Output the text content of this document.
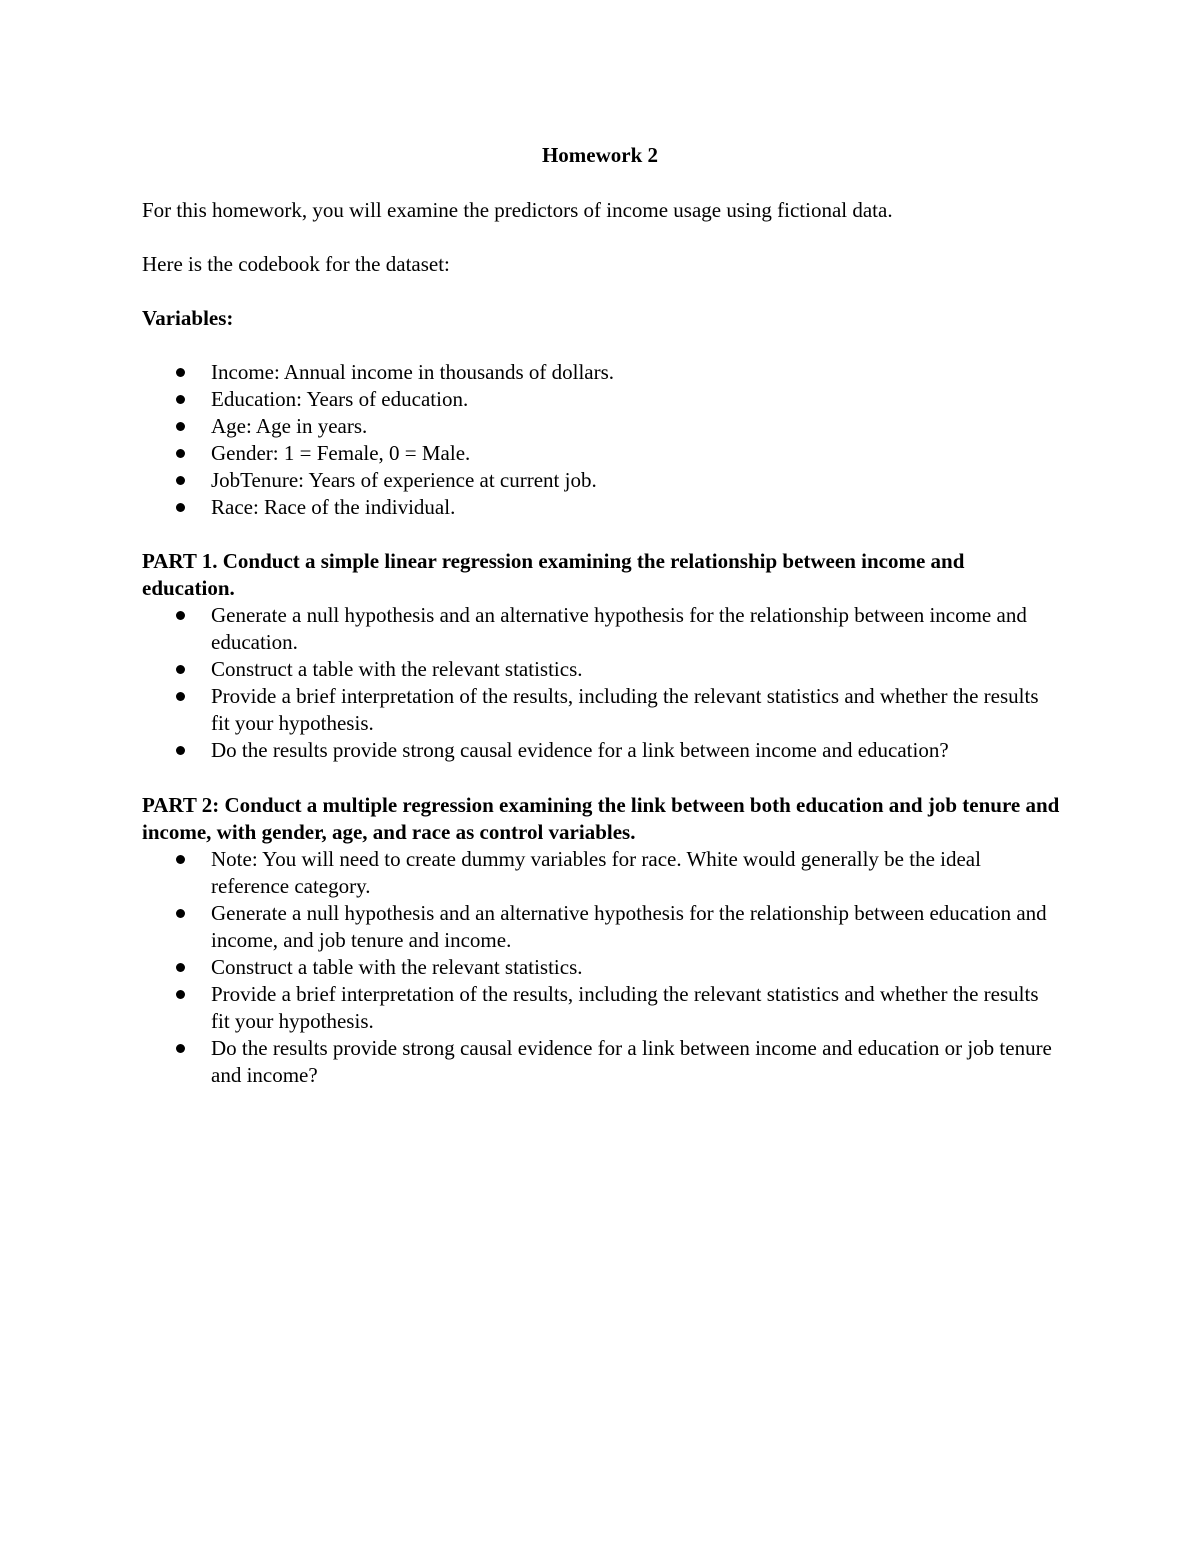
Homework 2

For this homework, you will examine the predictors of income usage using fictional data.

Here is the codebook for the dataset:

Variables:

Income: Annual income in thousands of dollars.
Education: Years of education.
Age: Age in years.
Gender: 1 = Female, 0 = Male.
JobTenure: Years of experience at current job.
Race: Race of the individual.

PART 1. Conduct a simple linear regression examining the relationship between income and education.

Generate a null hypothesis and an alternative hypothesis for the relationship between income and education.
Construct a table with the relevant statistics.
Provide a brief interpretation of the results, including the relevant statistics and whether the results fit your hypothesis.
Do the results provide strong causal evidence for a link between income and education?

PART 2: Conduct a multiple regression examining the link between both education and job tenure and income, with gender, age, and race as control variables.

Note: You will need to create dummy variables for race. White would generally be the ideal reference category.
Generate a null hypothesis and an alternative hypothesis for the relationship between education and income, and job tenure and income.
Construct a table with the relevant statistics.
Provide a brief interpretation of the results, including the relevant statistics and whether the results fit your hypothesis.
Do the results provide strong causal evidence for a link between income and education or job tenure and income?
